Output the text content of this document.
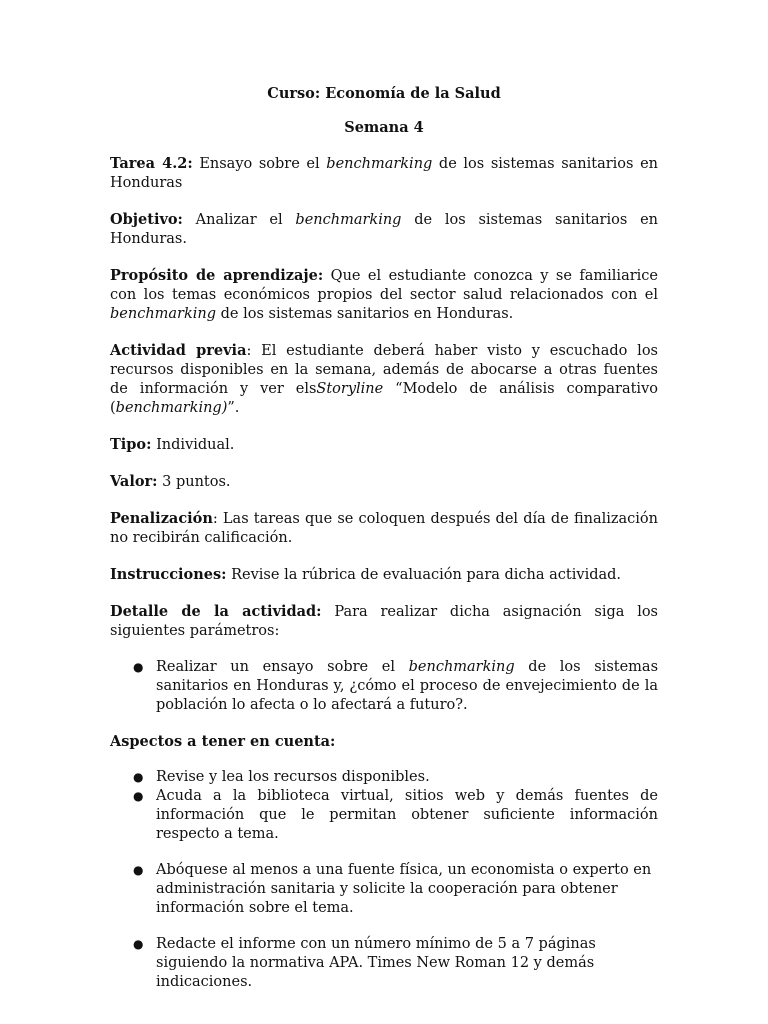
Curso: Economía de la Salud
Semana 4

Tarea 4.2: Ensayo sobre el benchmarking de los sistemas sanitarios en Honduras

Objetivo: Analizar el benchmarking de los sistemas sanitarios en Honduras.

Propósito de aprendizaje: Que el estudiante conozca y se familiarice con los temas económicos propios del sector salud relacionados con el benchmarking de los sistemas sanitarios en Honduras.

Actividad previa: El estudiante deberá haber visto y escuchado los recursos disponibles en la semana, además de abocarse a otras fuentes de información y ver elsStoryline “Modelo de análisis comparativo (benchmarking)”.

Tipo: Individual.

Valor: 3 puntos.

Penalización: Las tareas que se coloquen después del día de finalización no recibirán calificación.

Instrucciones: Revise la rúbrica de evaluación para dicha actividad.

Detalle de la actividad: Para realizar dicha asignación siga los siguientes parámetros:

● Realizar un ensayo sobre el benchmarking de los sistemas sanitarios en Honduras y, ¿cómo el proceso de envejecimiento de la población lo afecta o lo afectará a futuro?.
Aspectos a tener en cuenta:
● Revise y lea los recursos disponibles.
● Acuda a la biblioteca virtual, sitios web y demás fuentes de información que le permitan obtener suficiente información respecto a tema.
● Abóquese al menos a una fuente física, un economista o experto en administración sanitaria y solicite la cooperación para obtener información sobre el tema.
● Redacte el informe con un número mínimo de 5 a 7 páginas siguiendo la normativa APA. Times New Roman 12 y demás indicaciones.
